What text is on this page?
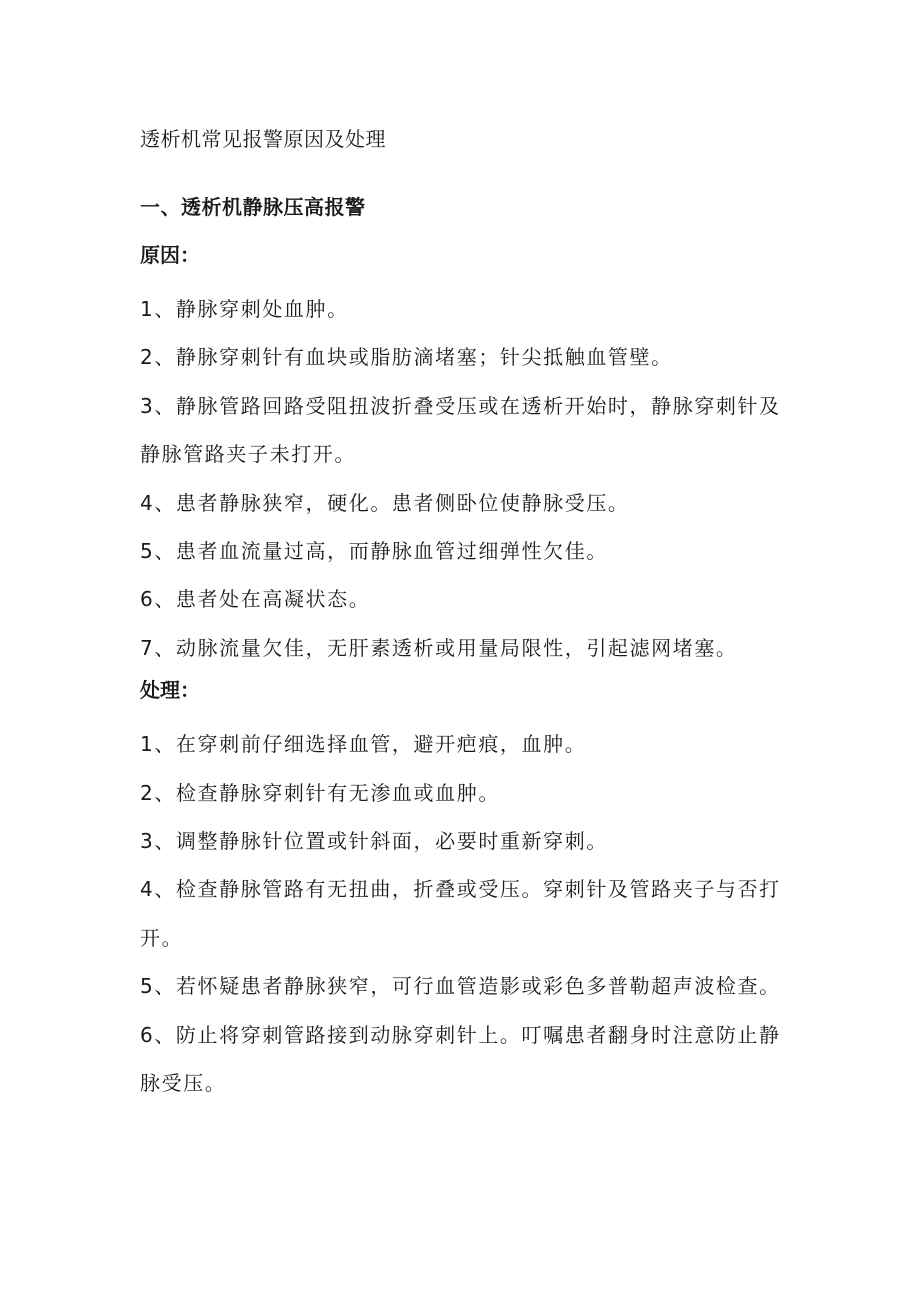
透析机常见报警原因及处理
一、透析机静脉压高报警
原因：

1、静脉穿刺处血肿。

2、静脉穿刺针有血块或脂肪滴堵塞；针尖抵触血管壁。

3、静脉管路回路受阻扭波折叠受压或在透析开始时，静脉穿刺针及静脉管路夹子未打开。

4、患者静脉狭窄，硬化。患者侧卧位使静脉受压。

5、患者血流量过高，而静脉血管过细弹性欠佳。

6、患者处在高凝状态。

7、动脉流量欠佳，无肝素透析或用量局限性，引起滤网堵塞。

处理：

1、在穿刺前仔细选择血管，避开疤痕，血肿。

2、检查静脉穿刺针有无渗血或血肿。

3、调整静脉针位置或针斜面，必要时重新穿刺。

4、检查静脉管路有无扭曲，折叠或受压。穿刺针及管路夹子与否打开。

5、若怀疑患者静脉狭窄，可行血管造影或彩色多普勒超声波检查。

6、防止将穿刺管路接到动脉穿刺针上。叮嘱患者翻身时注意防止静脉受压。
